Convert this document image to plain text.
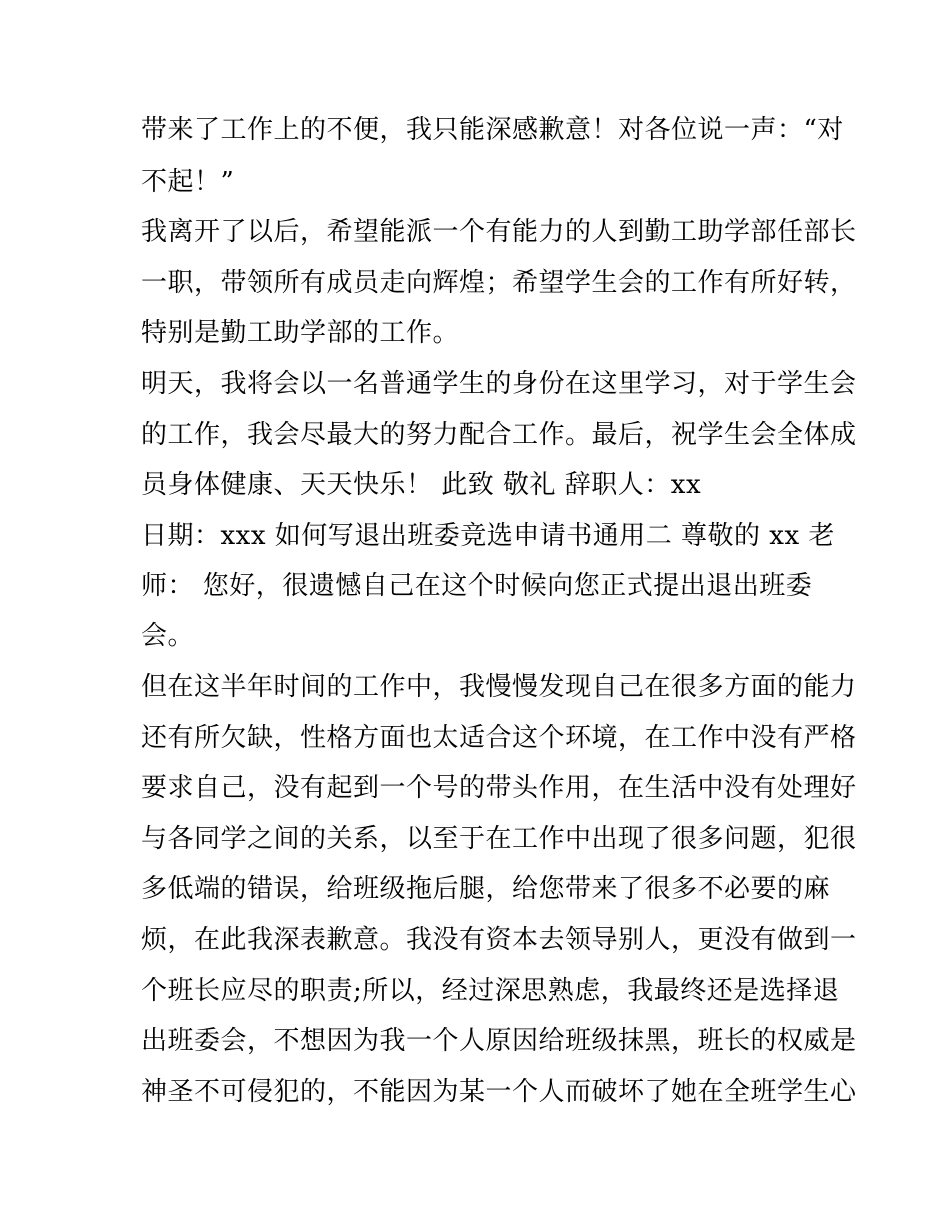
带来了工作上的不便，我只能深感歉意！对各位说一声：“对
不起！”
我离开了以后，希望能派一个有能力的人到勤工助学部任部长
一职，带领所有成员走向辉煌；希望学生会的工作有所好转，
特别是勤工助学部的工作。
明天，我将会以一名普通学生的身份在这里学习，对于学生会
的工作，我会尽最大的努力配合工作。最后，祝学生会全体成
员身体健康、天天快乐！ 此致 敬礼 辞职人：xx
日期：xxx 如何写退出班委竞选申请书通用二 尊敬的 xx 老
师： 您好，很遗憾自己在这个时候向您正式提出退出班委
会。
但在这半年时间的工作中，我慢慢发现自己在很多方面的能力
还有所欠缺，性格方面也太适合这个环境，在工作中没有严格
要求自己，没有起到一个号的带头作用，在生活中没有处理好
与各同学之间的关系，以至于在工作中出现了很多问题，犯很
多低端的错误，给班级拖后腿，给您带来了很多不必要的麻
烦，在此我深表歉意。我没有资本去领导别人，更没有做到一
个班长应尽的职责;所以，经过深思熟虑，我最终还是选择退
出班委会，不想因为我一个人原因给班级抹黑，班长的权威是
神圣不可侵犯的，不能因为某一个人而破坏了她在全班学生心
